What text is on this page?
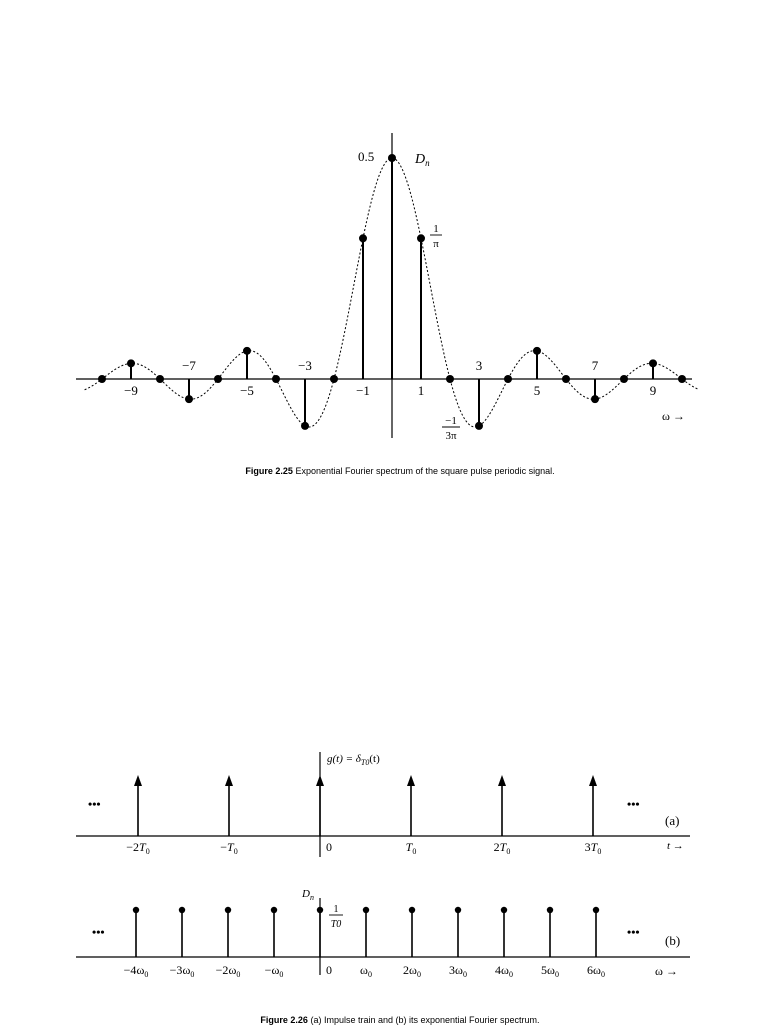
−9
−7
−5
−3
−1	1
3
5
7
9
0.5	$D_n$
1
π
−1
3π
ω →
$-2T_0$	$-T_0$	0	$T_0$	$2T_0$	$3T_0$
$g(t) = \delta_{T0}(t)$
•••	•••
(a)
t →
$-4\omega_0 -3\omega_0 -2\omega_0 -\omega_0$	0 $\omega_0$	$2\omega_0$ $3\omega_0$ $4\omega_0$ $5\omega_0$ $6\omega_0$
$D_n$
1
T0
•••	•••
(b)
ω →
Figure 2.25 Exponential Fourier spectrum of the square pulse periodic signal.
Figure 2.26 (a) Impulse train and (b) its exponential Fourier spectrum.
